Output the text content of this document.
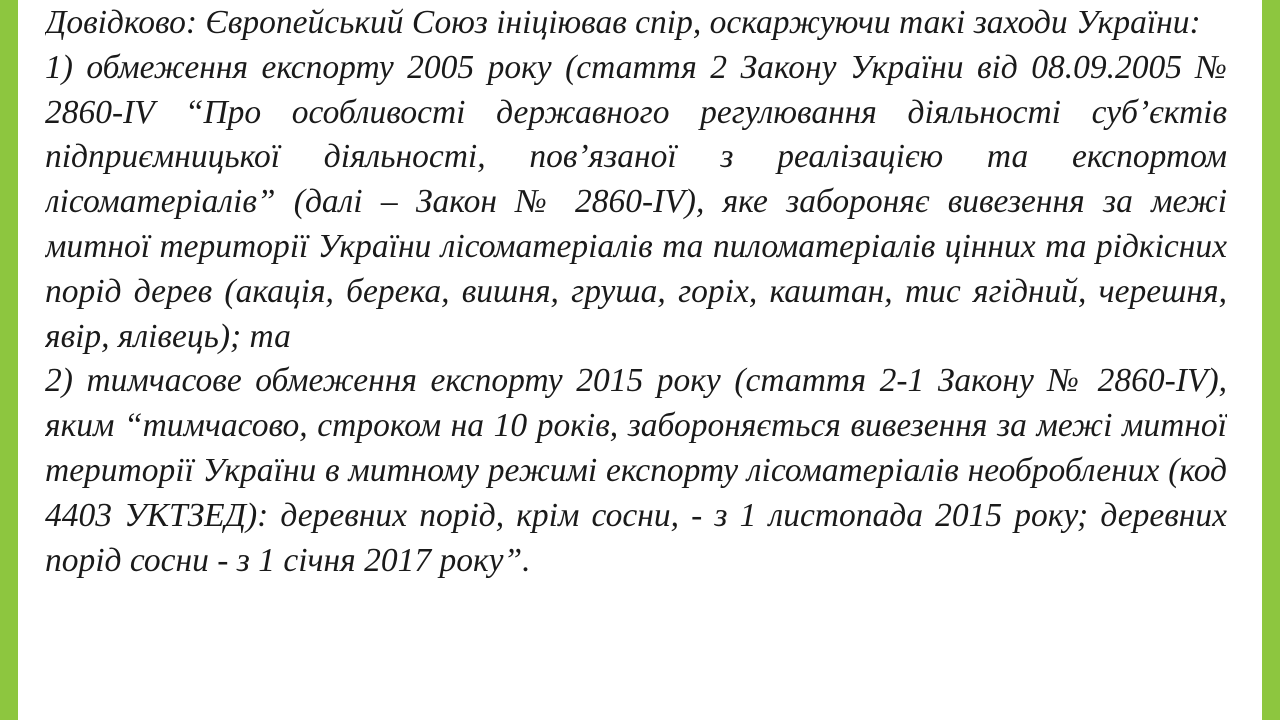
Довідково: Європейський Союз ініціював спір, оскаржуючи такі заходи України:

1) обмеження експорту 2005 року (стаття 2 Закону України від 08.09.2005 № 2860-IV “Про особливості державного регулювання діяльності суб’єктів підприємницької діяльності, пов’язаної з реалізацією та експортом лісоматеріалів” (далі – Закон № 2860-IV), яке забороняє вивезення за межі митної території України лісоматеріалів та пиломатеріалів цінних та рідкісних порід дерев (акація, берека, вишня, груша, горіх, каштан, тис ягідний, черешня, явір, ялівець); та

2) тимчасове обмеження експорту 2015 року (стаття 2-1 Закону № 2860-IV), яким “тимчасово, строком на 10 років, забороняється вивезення за межі митної території України в митному режимі експорту лісоматеріалів необроблених (код 4403 УКТЗЕД): деревних порід, крім сосни, - з 1 листопада 2015 року; деревних порід сосни - з 1 січня 2017 року”.
